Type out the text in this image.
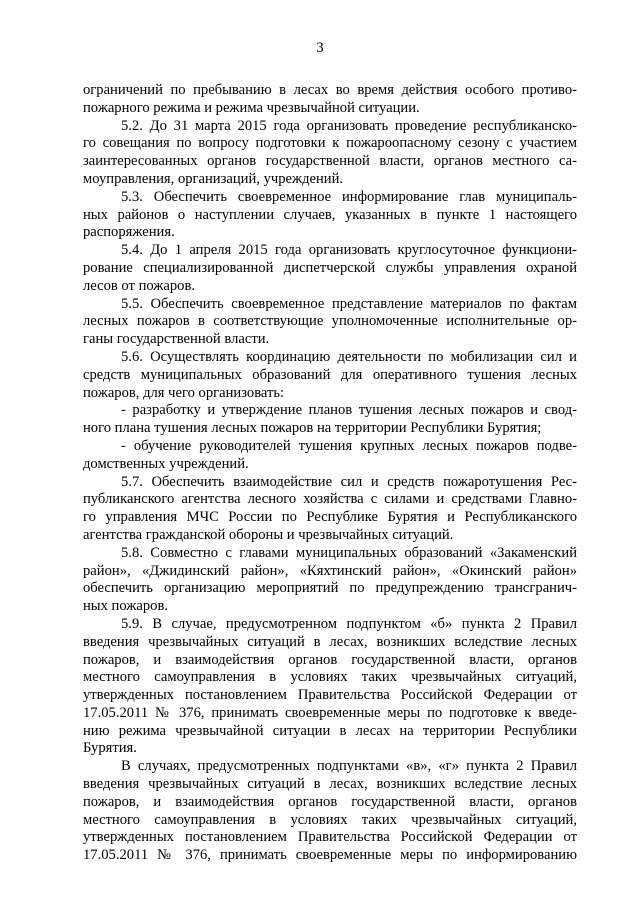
3
ограничений по пребыванию в лесах во время действия особого противо-
пожарного режима и режима чрезвычайной ситуации.
5.2. До 31 марта 2015 года организовать проведение республиканско-
го совещания по вопросу подготовки к пожароопасному сезону с участием
заинтересованных органов государственной власти, органов местного са-
моуправления, организаций, учреждений.
5.3. Обеспечить своевременное информирование глав муниципаль-
ных районов о наступлении случаев, указанных в пункте 1 настоящего
распоряжения.
5.4. До 1 апреля 2015 года организовать круглосуточное функциони-
рование специализированной диспетчерской службы управления охраной
лесов от пожаров.
5.5. Обеспечить своевременное представление материалов по фактам
лесных пожаров в соответствующие уполномоченные исполнительные ор-
ганы государственной власти.
5.6. Осуществлять координацию деятельности по мобилизации сил и
средств муниципальных образований для оперативного тушения лесных
пожаров, для чего организовать:
- разработку и утверждение планов тушения лесных пожаров и свод-
ного плана тушения лесных пожаров на территории Республики Бурятия;
- обучение руководителей тушения крупных лесных пожаров подве-
домственных учреждений.
5.7. Обеспечить взаимодействие сил и средств пожаротушения Рес-
публиканского агентства лесного хозяйства с силами и средствами Главно-
го управления МЧС России по Республике Бурятия и Республиканского
агентства гражданской обороны и чрезвычайных ситуаций.
5.8. Совместно с главами муниципальных образований «Закаменский
район», «Джидинский район», «Кяхтинский район», «Окинский район»
обеспечить организацию мероприятий по предупреждению трансгранич-
ных пожаров.
5.9. В случае, предусмотренном подпунктом «б» пункта 2 Правил
введения чрезвычайных ситуаций в лесах, возникших вследствие лесных
пожаров, и взаимодействия органов государственной власти, органов
местного самоуправления в условиях таких чрезвычайных ситуаций,
утвержденных постановлением Правительства Российской Федерации от
17.05.2011 № 376, принимать своевременные меры по подготовке к введе-
нию режима чрезвычайной ситуации в лесах на территории Республики
Бурятия.
В случаях, предусмотренных подпунктами «в», «г» пункта 2 Правил
введения чрезвычайных ситуаций в лесах, возникших вследствие лесных
пожаров, и взаимодействия органов государственной власти, органов
местного самоуправления в условиях таких чрезвычайных ситуаций,
утвержденных постановлением Правительства Российской Федерации от
17.05.2011 № 376, принимать своевременные меры по информированию
